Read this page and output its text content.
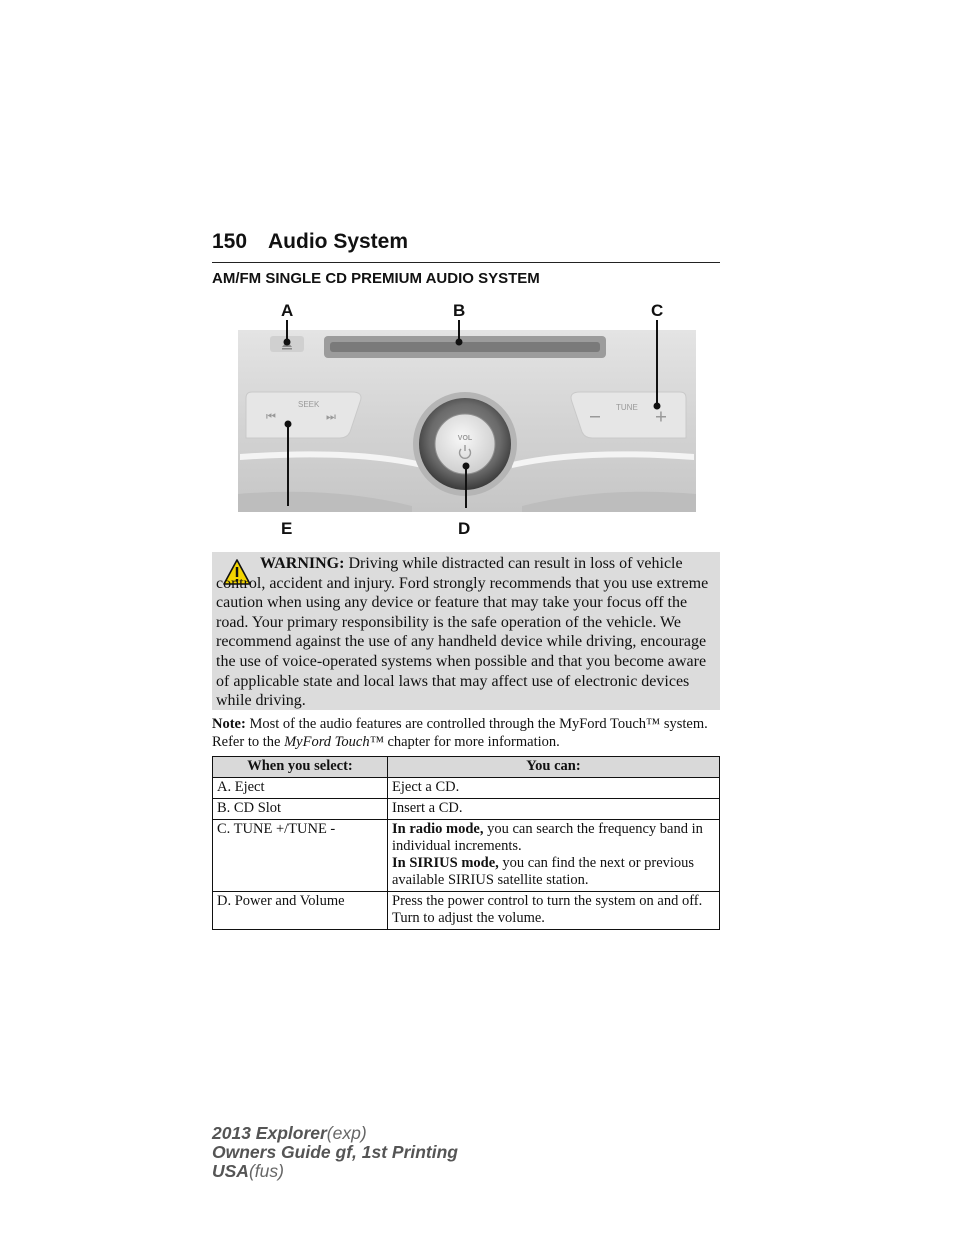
150 Audio System
AM/FM SINGLE CD PREMIUM AUDIO SYSTEM
SEEK
⏮	⏭
TUNE
VOL
A	B	C
D
E
WARNING: Driving while distracted can result in loss of vehicle control, accident and injury. Ford strongly recommends that you use extreme caution when using any device or feature that may take your focus off the road. Your primary responsibility is the safe operation of the vehicle. We recommend against the use of any handheld device while driving, encourage the use of voice-operated systems when possible and that you become aware of applicable state and local laws that may affect use of electronic devices while driving.
Note: Most of the audio features are controlled through the MyFord Touch™ system. Refer to the MyFord Touch™ chapter for more information.
When you select:	You can:
A. Eject	Eject a CD.
B. CD Slot	Insert a CD.
C. TUNE +/TUNE -	In radio mode, you can search the frequency band in individual increments.
In SIRIUS mode, you can find the next or previous available SIRIUS satellite station.

D. Power and Volume	Press the power control to turn the system on and off.
Turn to adjust the volume.
2013 Explorer(exp)
Owners Guide gf, 1st Printing
USA(fus)
